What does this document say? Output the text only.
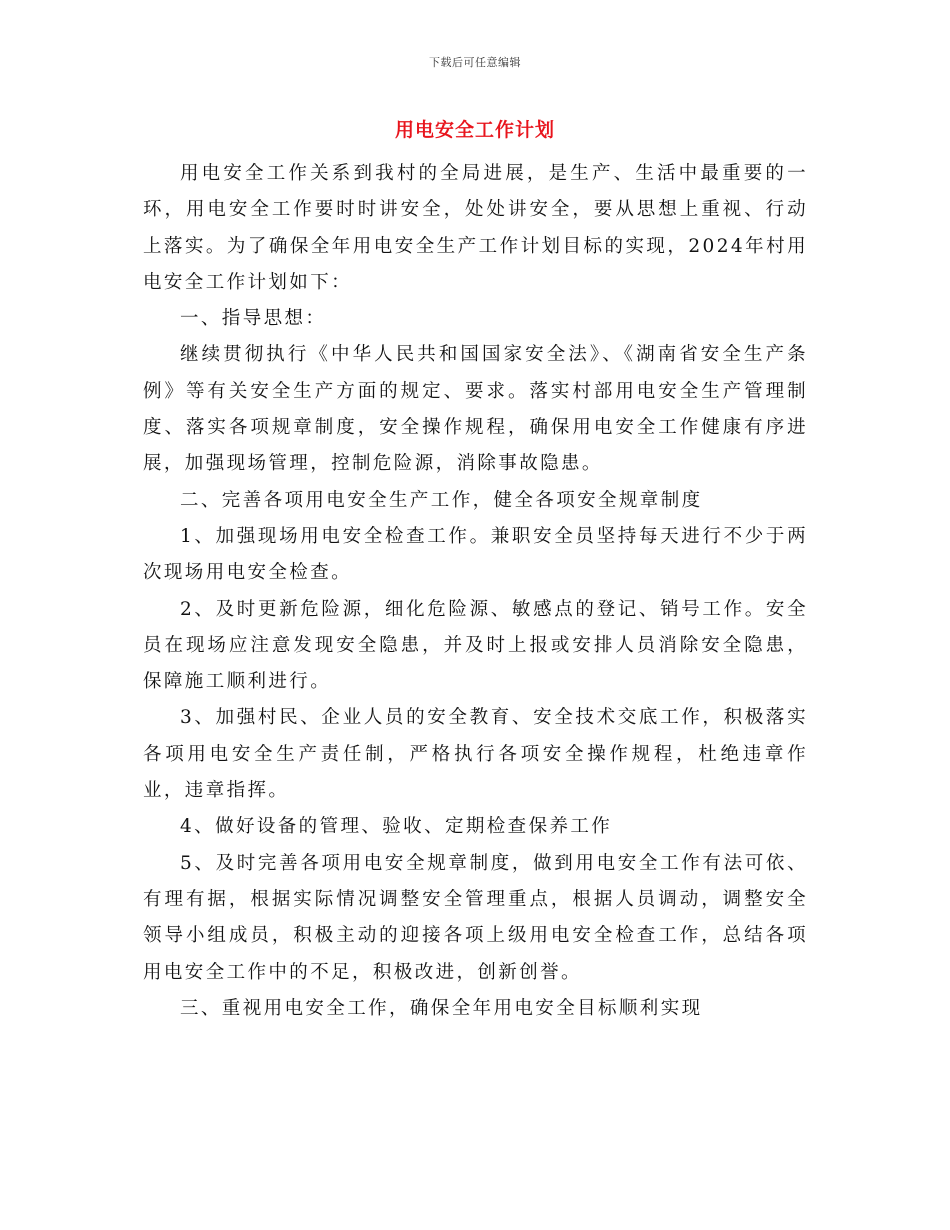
下载后可任意编辑
用电安全工作计划

用电安全工作关系到我村的全局进展，是生产、生活中最重要的一环，用电安全工作要时时讲安全，处处讲安全，要从思想上重视、行动上落实。为了确保全年用电安全生产工作计划目标的实现，2024年村用电安全工作计划如下：

一、指导思想：

继续贯彻执行《中华人民共和国国家安全法》、《湖南省安全生产条例》等有关安全生产方面的规定、要求。落实村部用电安全生产管理制度、落实各项规章制度，安全操作规程，确保用电安全工作健康有序进展，加强现场管理，控制危险源，消除事故隐患。

二、完善各项用电安全生产工作，健全各项安全规章制度

1、加强现场用电安全检查工作。兼职安全员坚持每天进行不少于两次现场用电安全检查。

2、及时更新危险源，细化危险源、敏感点的登记、销号工作。安全员在现场应注意发现安全隐患，并及时上报或安排人员消除安全隐患，保障施工顺利进行。

3、加强村民、企业人员的安全教育、安全技术交底工作，积极落实各项用电安全生产责任制，严格执行各项安全操作规程，杜绝违章作业，违章指挥。

4、做好设备的管理、验收、定期检查保养工作

5、及时完善各项用电安全规章制度，做到用电安全工作有法可依、有理有据，根据实际情况调整安全管理重点，根据人员调动，调整安全领导小组成员，积极主动的迎接各项上级用电安全检查工作，总结各项用电安全工作中的不足，积极改进，创新创誉。

三、重视用电安全工作，确保全年用电安全目标顺利实现
